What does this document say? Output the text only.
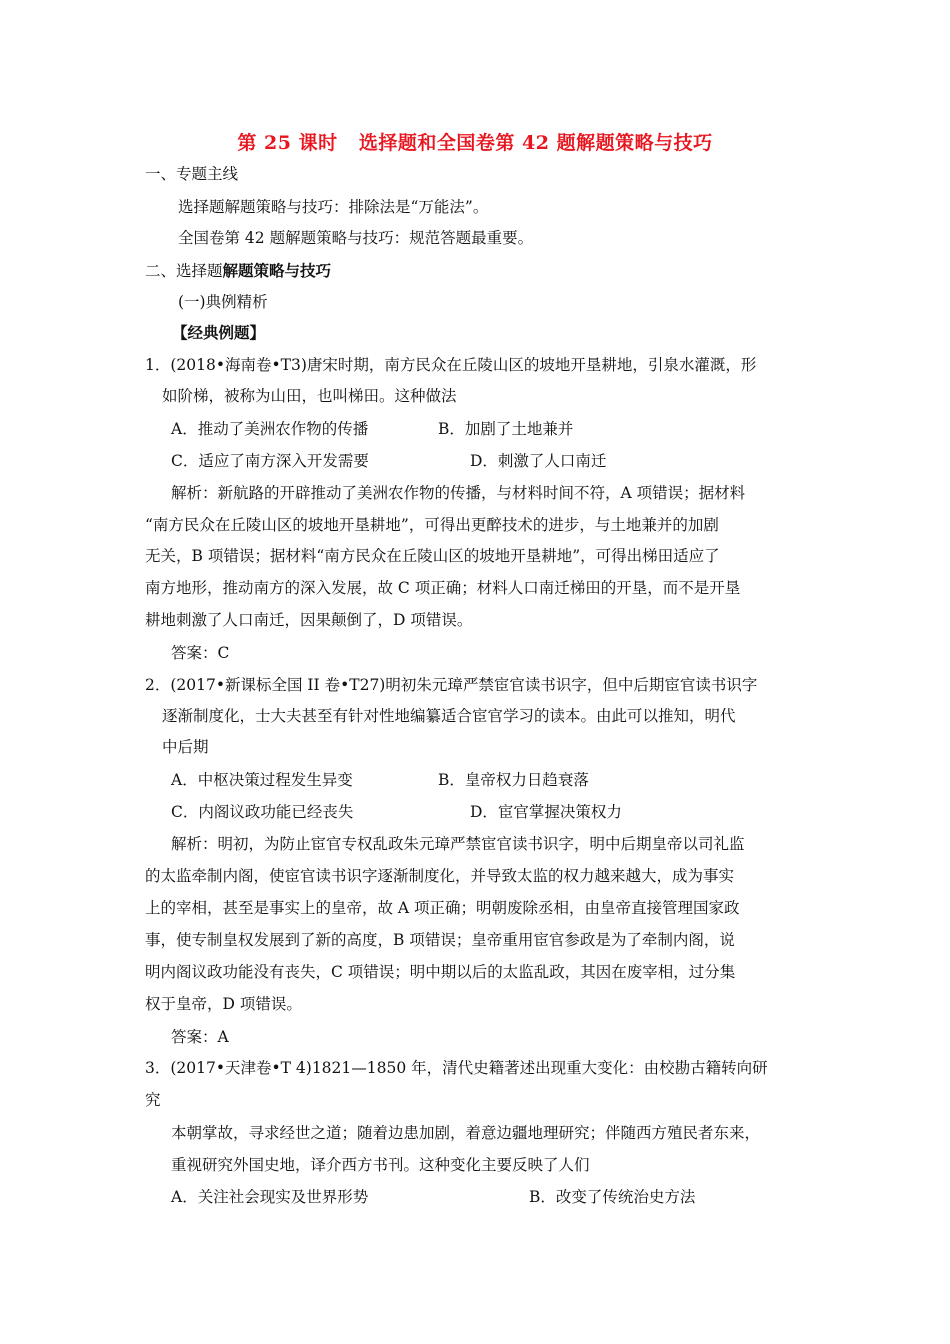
第 25 课时   选择题和全国卷第 42 题解题策略与技巧
一、专题主线
选择题解题策略与技巧：排除法是“万能法”。
全国卷第 42 题解题策略与技巧：规范答题最重要。
二、选择题解题策略与技巧
(一)典例精析
【经典例题】
1．(2018•海南卷•T3)唐宋时期，南方民众在丘陵山区的坡地开垦耕地，引泉水灌溉，形
如阶梯，被称为山田，也叫梯田。这种做法
A．推动了美洲农作物的传播	B．加剧了土地兼并
C．适应了南方深入开发需要	D．刺激了人口南迁
解析：新航路的开辟推动了美洲农作物的传播，与材料时间不符，A 项错误；据材料
“南方民众在丘陵山区的坡地开垦耕地”，可得出更醉技术的进步，与土地兼并的加剧
无关，B 项错误；据材料“南方民众在丘陵山区的坡地开垦耕地”，可得出梯田适应了
南方地形，推动南方的深入发展，故 C 项正确；材料人口南迁梯田的开垦，而不是开垦
耕地刺激了人口南迁，因果颠倒了，D 项错误。
答案：C
2．(2017•新课标全国 II 卷•T27)明初朱元璋严禁宦官读书识字，但中后期宦官读书识字
逐渐制度化，士大夫甚至有针对性地编纂适合宦官学习的读本。由此可以推知，明代
中后期
A．中枢决策过程发生异变	B．皇帝权力日趋衰落
C．内阁议政功能已经丧失	D．宦官掌握决策权力
解析：明初，为防止宦官专权乱政朱元璋严禁宦官读书识字，明中后期皇帝以司礼监
的太监牵制内阁，使宦官读书识字逐渐制度化，并导致太监的权力越来越大，成为事实
上的宰相，甚至是事实上的皇帝，故 A 项正确；明朝废除丞相，由皇帝直接管理国家政
事，使专制皇权发展到了新的高度，B 项错误；皇帝重用宦官参政是为了牵制内阁，说
明内阁议政功能没有丧失，C 项错误；明中期以后的太监乱政，其因在废宰相，过分集
权于皇帝，D 项错误。
答案：A
3．(2017•天津卷•T 4)1821—1850 年，清代史籍著述出现重大变化：由校勘古籍转向研
究
本朝掌故，寻求经世之道；随着边患加剧，着意边疆地理研究；伴随西方殖民者东来，
重视研究外国史地，译介西方书刊。这种变化主要反映了人们
A．关注社会现实及世界形势	B．改变了传统治史方法
